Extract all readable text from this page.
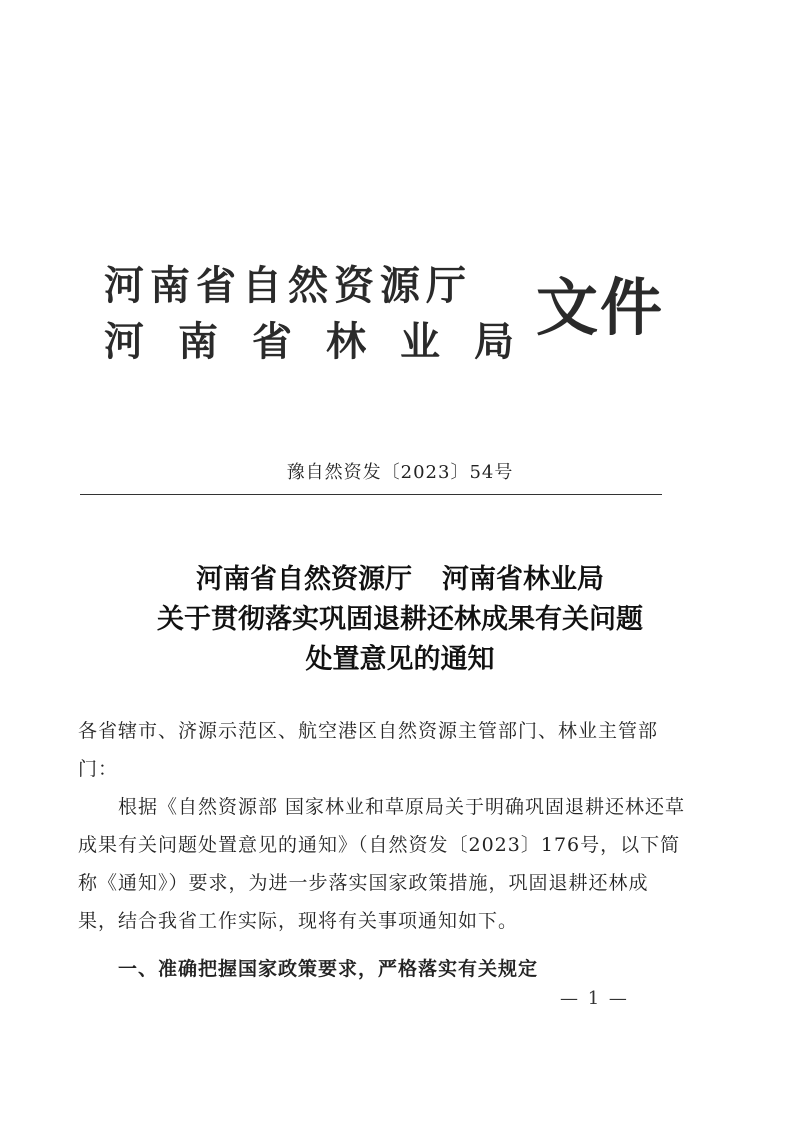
河南省自然资源厅
河南省林业局
文件
豫自然资发〔2023〕54号
河南省自然资源厅 河南省林业局
关于贯彻落实巩固退耕还林成果有关问题
处置意见的通知

各省辖市、济源示范区、航空港区自然资源主管部门、林业主管部门：

根据《自然资源部 国家林业和草原局关于明确巩固退耕还林还草成果有关问题处置意见的通知》（自然资发〔2023〕176号，以下简称《通知》）要求，为进一步落实国家政策措施，巩固退耕还林成果，结合我省工作实际，现将有关事项通知如下。

一、准确把握国家政策要求，严格落实有关规定
— 1 —
